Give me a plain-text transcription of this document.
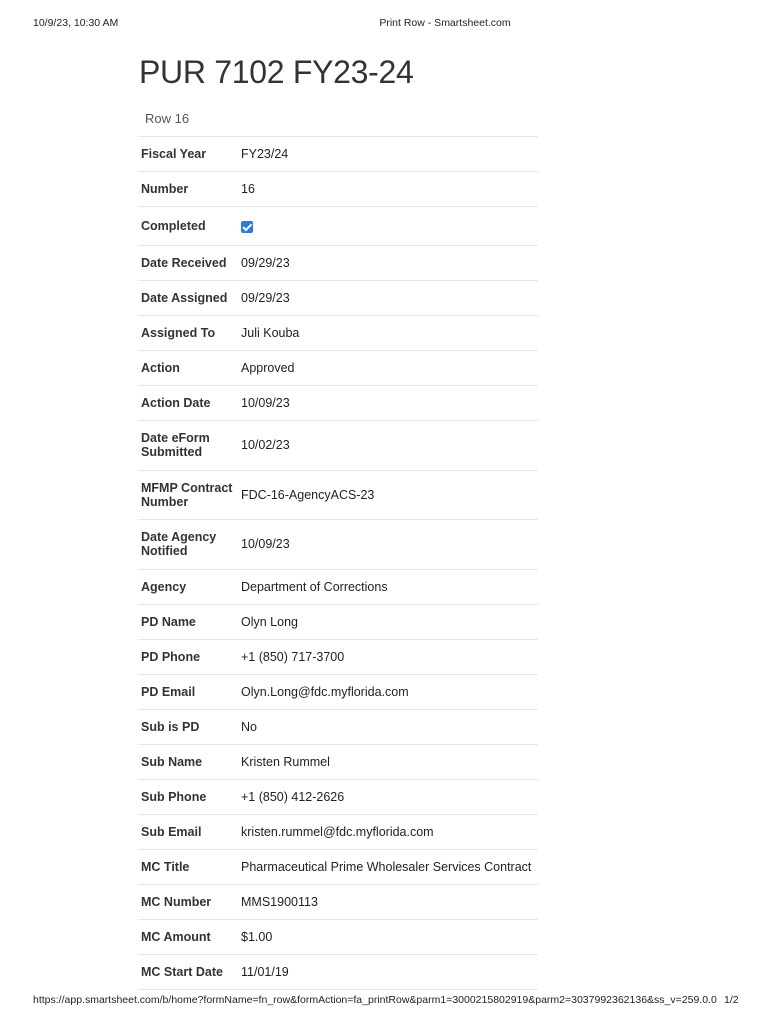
10/9/23, 10:30 AM	Print Row - Smartsheet.com
PUR 7102 FY23-24
Row 16
Fiscal Year	FY23/24
Number	16
Completed
Date Received	09/29/23
Date Assigned	09/29/23
Assigned To	Juli Kouba
Action	Approved
Action Date	10/09/23
Date eForm Submitted	10/02/23
MFMP Contract Number	FDC-16-AgencyACS-23
Date Agency Notified	10/09/23
Agency	Department of Corrections
PD Name	Olyn Long
PD Phone	+1 (850) 717-3700
PD Email	Olyn.Long@fdc.myflorida.com
Sub is PD	No
Sub Name	Kristen Rummel
Sub Phone	+1 (850) 412-2626
Sub Email	kristen.rummel@fdc.myflorida.com
MC Title	Pharmaceutical Prime Wholesaler Services Contract
MC Number	MMS1900113
MC Amount	$1.00
MC Start Date	11/01/19
https://app.smartsheet.com/b/home?formName=fn_row&formAction=fa_printRow&parm1=3000215802919&parm2=3037992362136&ss_v=259.0.0 1/2
